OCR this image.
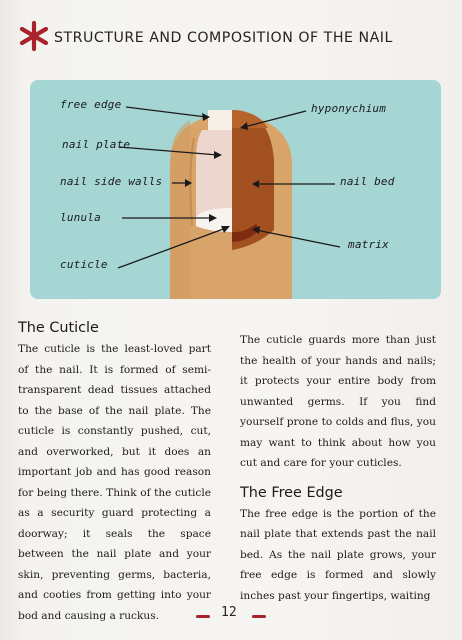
STRUCTURE AND COMPOSITION OF THE NAIL
free edge
nail plate
nail side walls
lunula
cuticle
hyponychium
nail bed
matrix
The Cuticle

The cuticle is the least-loved part of the nail. It is formed of semi-transparent dead tissues attached to the base of the nail plate. The cuticle is constantly pushed, cut, and overworked, but it does an important job and has good reason for being there. Think of the cuticle as a security guard protecting a doorway; it seals the space between the nail plate and your skin, preventing germs, bacteria, and cooties from getting into your bod and causing a ruckus.

The cuticle guards more than just the health of your hands and nails; it protects your entire body from unwanted germs. If you find yourself prone to colds and flus, you may want to think about how you cut and care for your cuticles.

The Free Edge

The free edge is the portion of the nail plate that extends past the nail bed. As the nail plate grows, your free edge is formed and slowly inches past your fingertips, waiting

12
